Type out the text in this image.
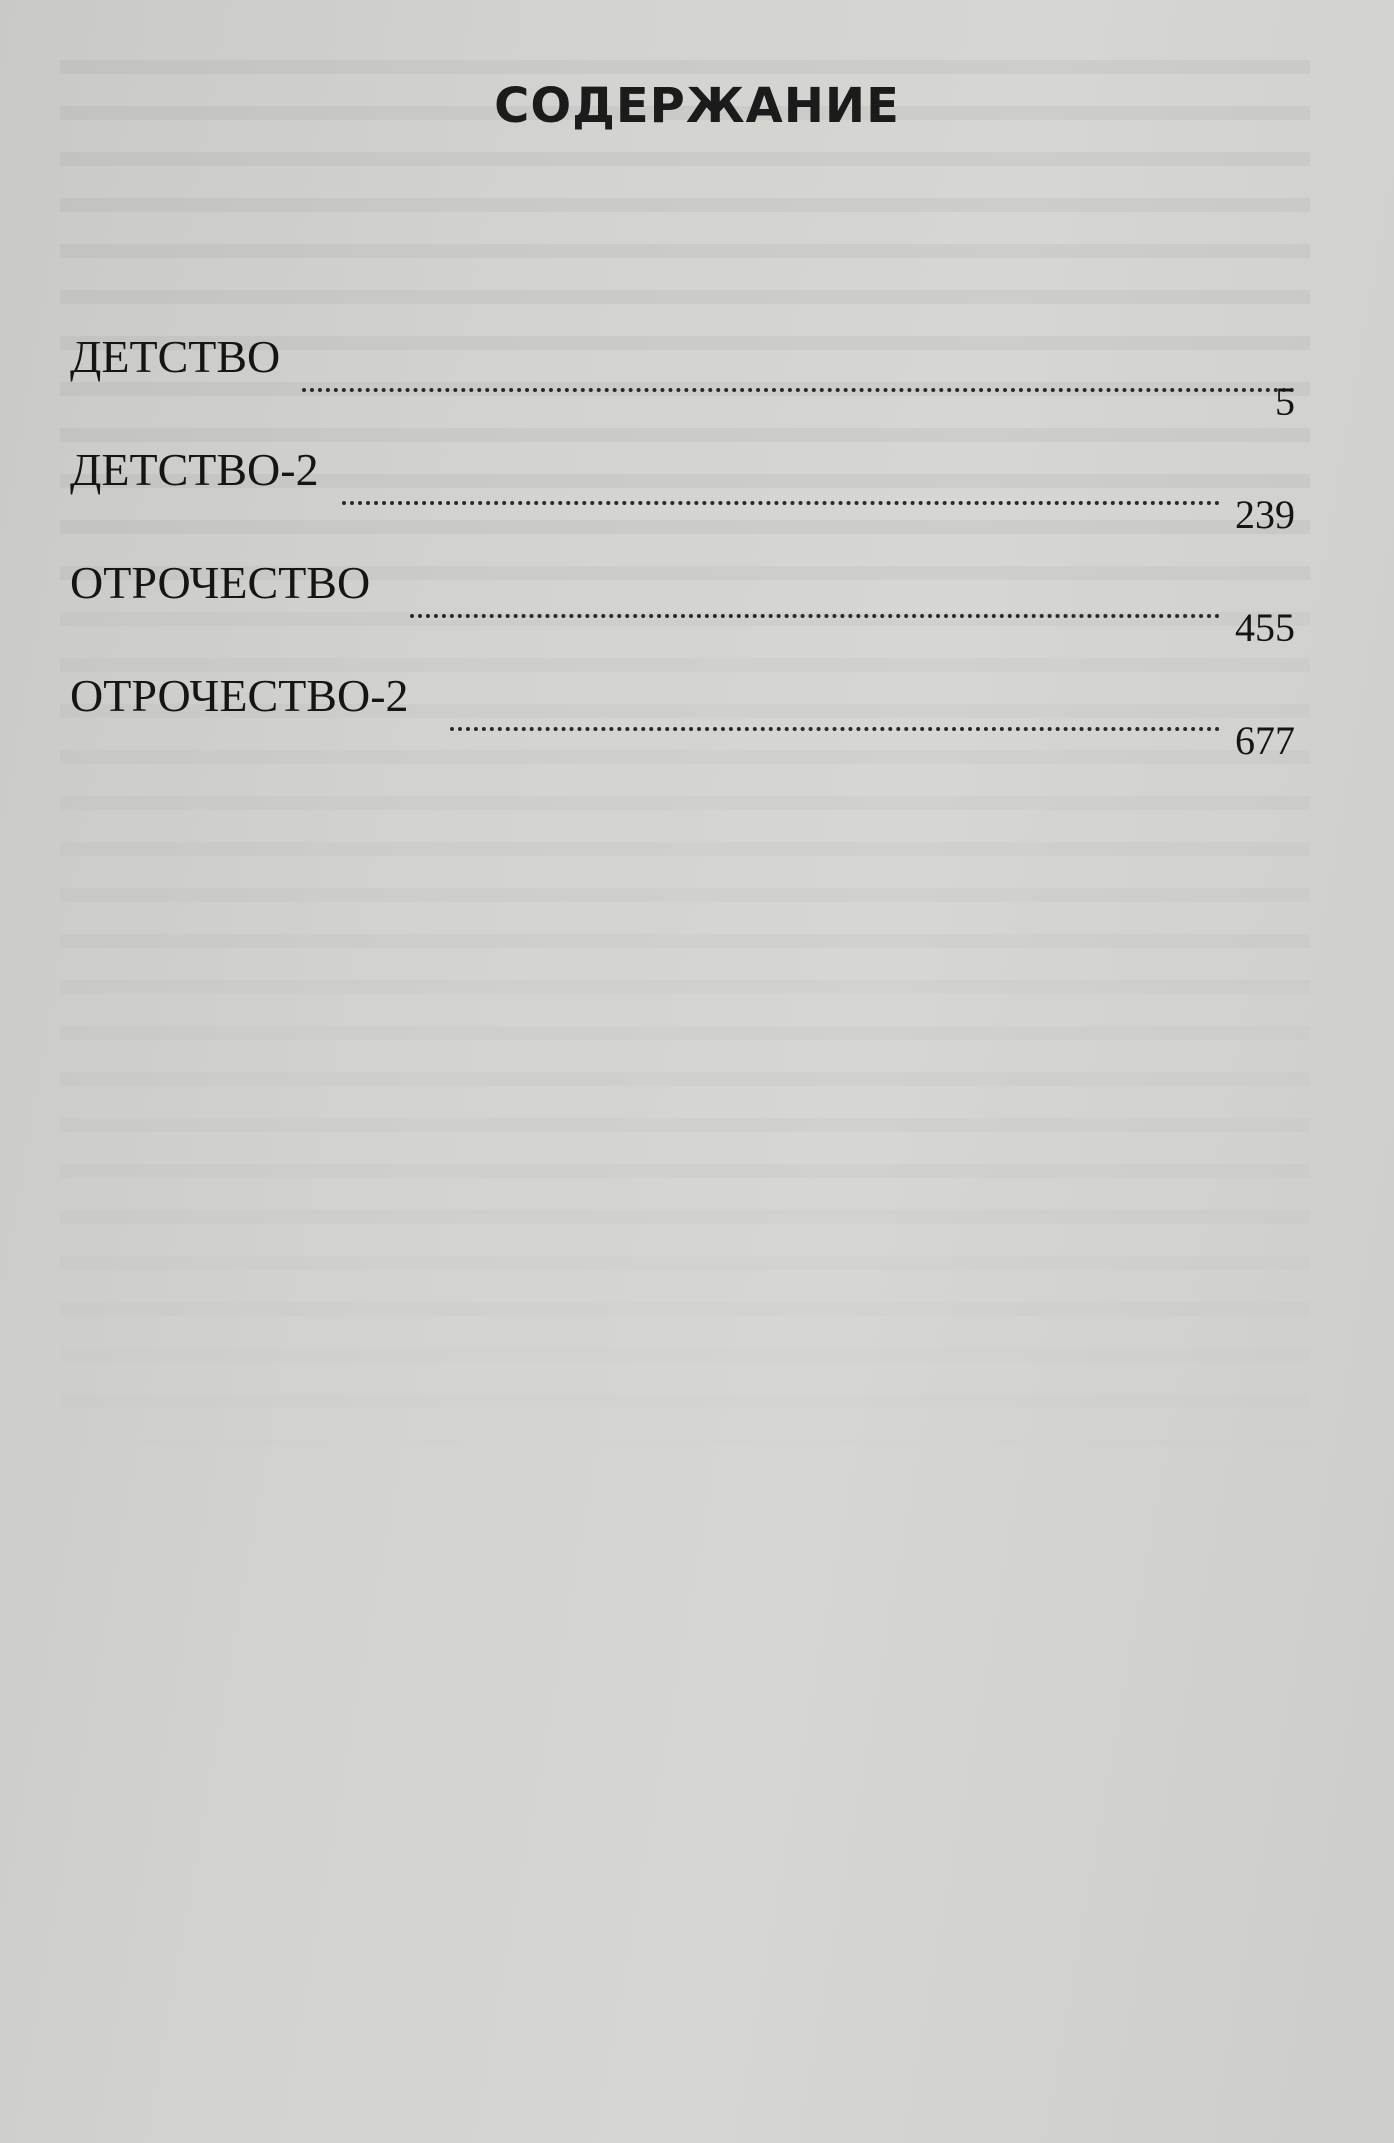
СОДЕРЖАНИЕ
ДЕТСТВО
5
ДЕТСТВО-2
239
ОТРОЧЕСТВО
455
ОТРОЧЕСТВО-2
677
